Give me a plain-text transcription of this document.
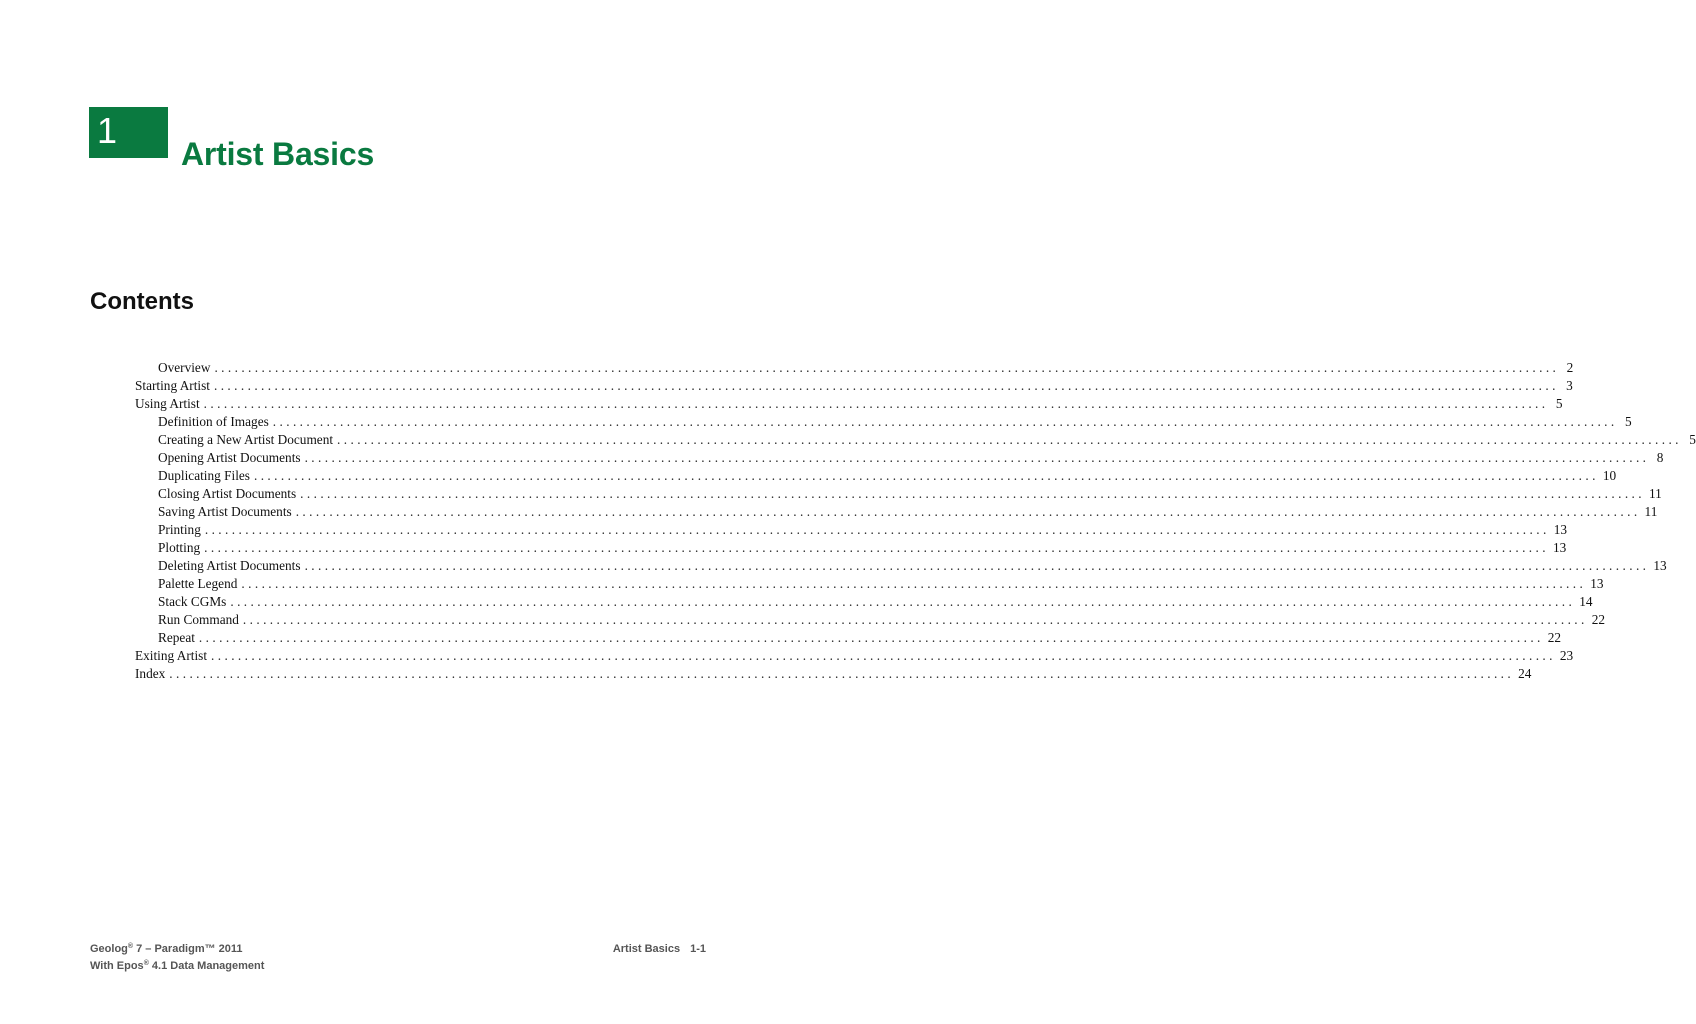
1
Artist Basics
Contents
Overview ........................................................................................................................................................................................................ 2
Starting Artist ........................................................................................................................................................................................................ 3
Using Artist ........................................................................................................................................................................................................ 5
Definition of Images ........................................................................................................................................................................................................ 5
Creating a New Artist Document ........................................................................................................................................................................................................ 5
Opening Artist Documents ........................................................................................................................................................................................................ 8
Duplicating Files ........................................................................................................................................................................................................ 10
Closing Artist Documents ........................................................................................................................................................................................................ 11
Saving Artist Documents ........................................................................................................................................................................................................ 11
Printing ........................................................................................................................................................................................................ 13
Plotting ........................................................................................................................................................................................................ 13
Deleting Artist Documents ........................................................................................................................................................................................................ 13
Palette Legend ........................................................................................................................................................................................................ 13
Stack CGMs ........................................................................................................................................................................................................ 14
Run Command ........................................................................................................................................................................................................ 22
Repeat ........................................................................................................................................................................................................ 22
Exiting Artist ........................................................................................................................................................................................................ 23
Index ........................................................................................................................................................................................................ 24
Geolog® 7 – Paradigm™ 2011
With Epos® 4.1 Data Management
Artist Basics 1-1
